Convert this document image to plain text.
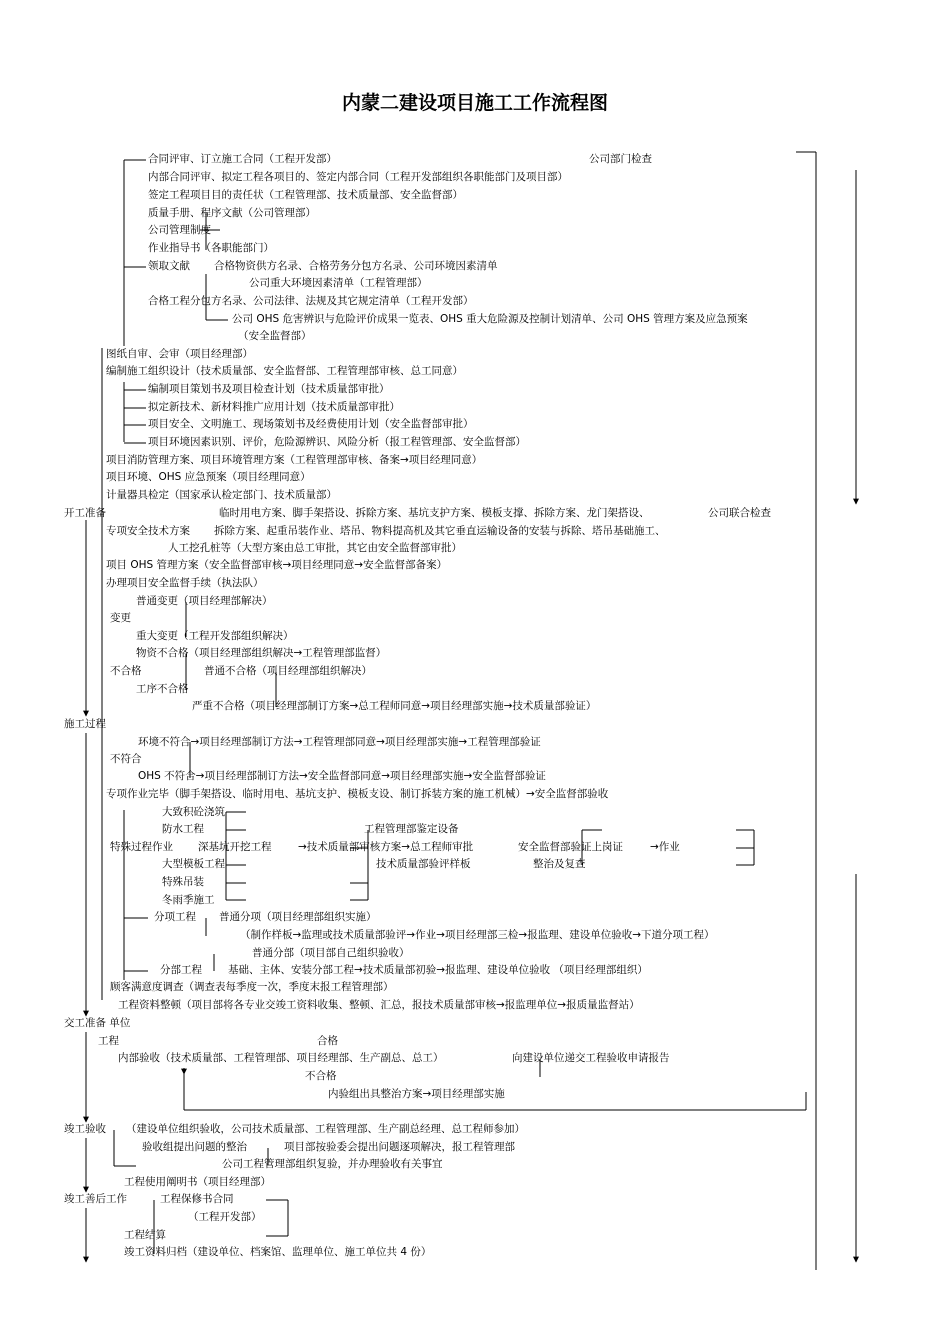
内蒙二建设项目施工工作流程图
合同评审、订立施工合同（工程开发部）	公司部门检查
内部合同评审、拟定工程各项目的、签定内部合同（工程开发部组织各职能部门及项目部）
签定工程项目目的责任状（工程管理部、技术质量部、安全监督部）
质量手册、程序文献（公司管理部）
公司管理制度
作业指导书（各职能部门）
领取文献 合格物资供方名录、合格劳务分包方名录、公司环境因素清单
公司重大环境因素清单（工程管理部）
合格工程分包方名录、公司法律、法规及其它规定清单（工程开发部）
公司 OHS 危害辨识与危险评价成果一览表、OHS 重大危险源及控制计划清单、公司 OHS 管理方案及应急预案
（安全监督部）
图纸自审、会审（项目经理部）
编制施工组织设计（技术质量部、安全监督部、工程管理部审核、总工同意）
编制项目策划书及项目检查计划（技术质量部审批）
拟定新技术、新材料推广应用计划（技术质量部审批）
项目安全、文明施工、现场策划书及经费使用计划（安全监督部审批）
项目环境因素识别、评价，危险源辨识、风险分析（报工程管理部、安全监督部）
项目消防管理方案、项目环境管理方案（工程管理部审核、备案→项目经理同意）
项目环境、OHS 应急预案（项目经理同意）
计量器具检定（国家承认检定部门、技术质量部）
开工准备	临时用电方案、脚手架搭设、拆除方案、基坑支护方案、模板支撑、拆除方案、龙门架搭设、	公司联合检查
专项安全技术方案 拆除方案、起重吊装作业、塔吊、物料提高机及其它垂直运输设备的安装与拆除、塔吊基础施工、
人工挖孔桩等（大型方案由总工审批，其它由安全监督部审批）
项目 OHS 管理方案（安全监督部审核→项目经理同意→安全监督部备案）
办理项目安全监督手续（执法队）
普通变更（项目经理部解决）
变更
重大变更（工程开发部组织解决）
物资不合格（项目经理部组织解决→工程管理部监督）
不合格	普通不合格（项目经理部组织解决）
工序不合格
严重不合格（项目经理部制订方案→总工程师同意→项目经理部实施→技术质量部验证）
施工过程
环境不符合→项目经理部制订方法→工程管理部同意→项目经理部实施→工程管理部验证
不符合
OHS 不符合→项目经理部制订方法→安全监督部同意→项目经理部实施→安全监督部验证
专项作业完毕（脚手架搭设、临时用电、基坑支护、模板支设、制订拆装方案的施工机械）→安全监督部验收
大致积砼浇筑
防水工程	工程管理部鉴定设备
特殊过程作业 深基坑开挖工程	→技术质量部审核方案→总工程师审批	安全监督部验证上岗证	→作业
大型模板工程	技术质量部验评样板	整治及复查
特殊吊装
冬雨季施工
分项工程 普通分项（项目经理部组织实施）
（制作样板→监理或技术质量部验评→作业→项目经理部三检→报监理、建设单位验收→下道分项工程）
普通分部（项目部自己组织验收）
分部工程 基础、主体、安装分部工程→技术质量部初验→报监理、建设单位验收 （项目经理部组织）
顾客满意度调查（调查表每季度一次，季度末报工程管理部）
工程资料整顿（项目部将各专业交竣工资料收集、整顿、汇总，报技术质量部审核→报监理单位→报质量监督站）
交工准备 单位
工程	合格
内部验收（技术质量部、工程管理部、项目经理部、生产副总、总工）	向建设单位递交工程验收申请报告
不合格
内验组出具整治方案→项目经理部实施
竣工验收 （建设单位组织验收，公司技术质量部、工程管理部、生产副总经理、总工程师参加）
验收组提出问题的整治	项目部按验委会提出问题逐项解决，报工程管理部
公司工程管理部组织复验，并办理验收有关事宜
工程使用阐明书（项目经理部）
竣工善后工作	工程保修书合同
（工程开发部）
工程结算
竣工资料归档（建设单位、档案馆、监理单位、施工单位共 4 份）
